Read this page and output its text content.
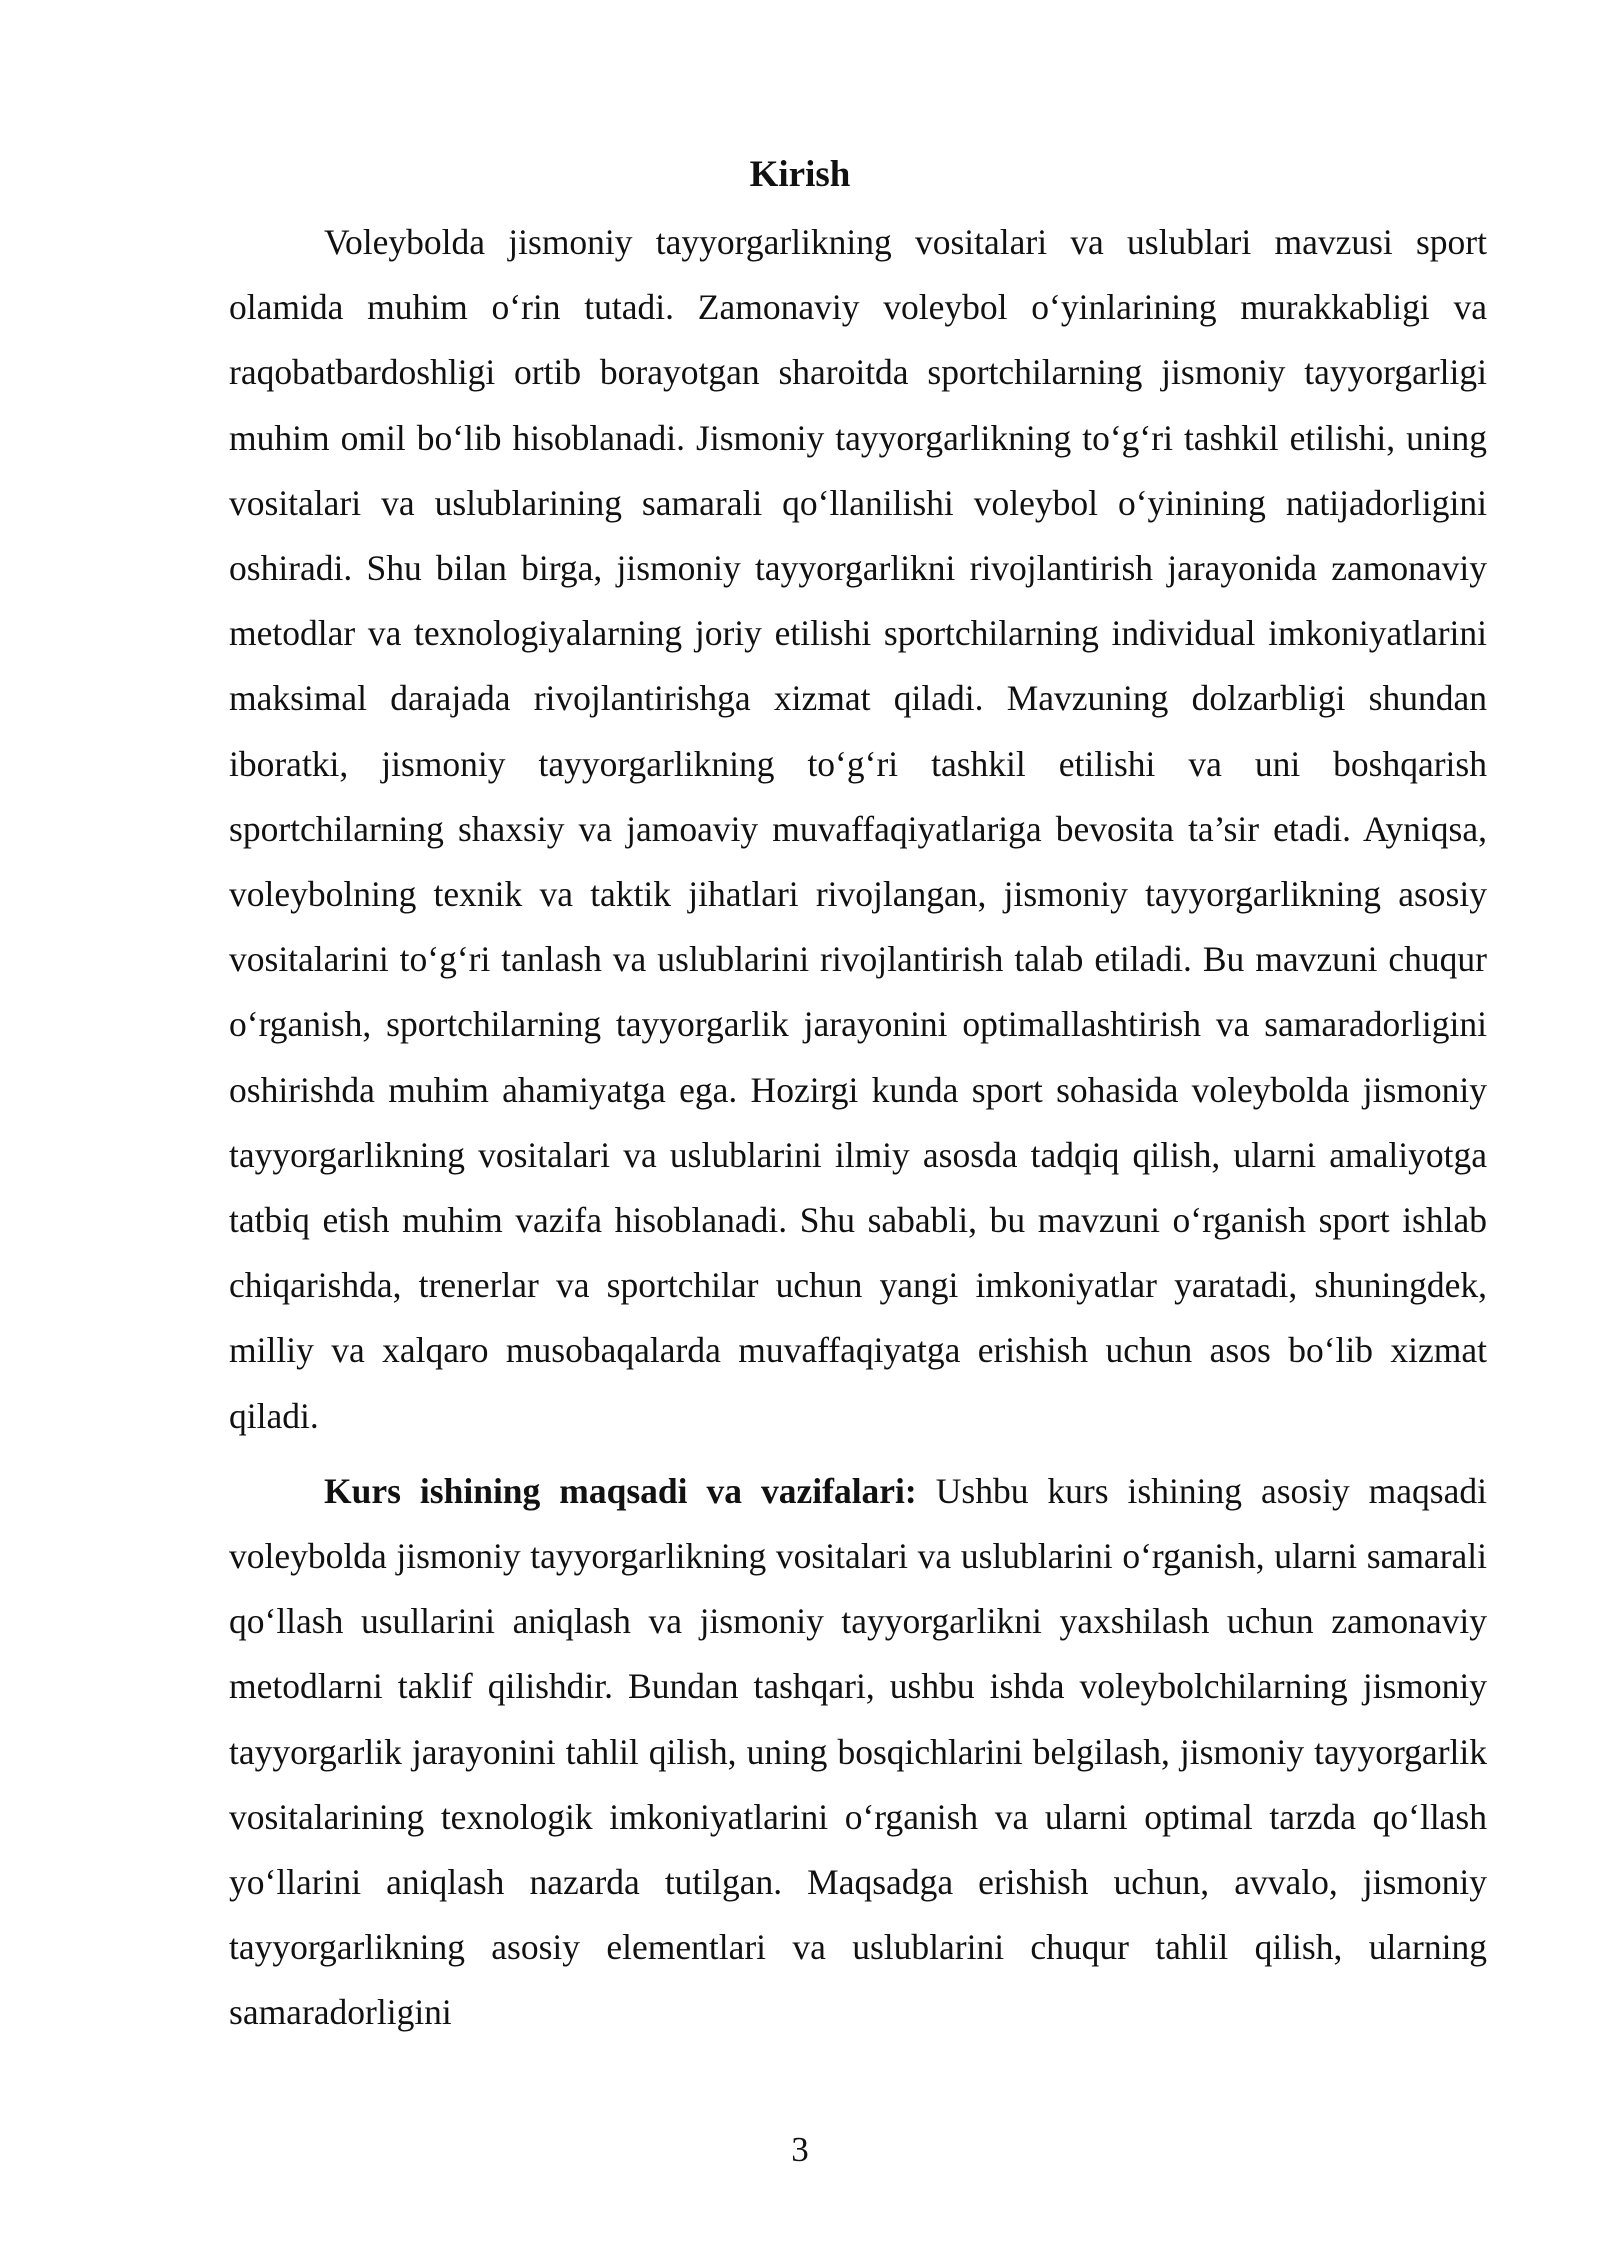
Kirish

Voleybolda jismoniy tayyorgarlikning vositalari va uslublari mavzusi sport olamida muhim o‘rin tutadi. Zamonaviy voleybol o‘yinlarining murakkabligi va raqobatbardoshligi ortib borayotgan sharoitda sportchilarning jismoniy tayyorgarligi muhim omil bo‘lib hisoblanadi. Jismoniy tayyorgarlikning to‘g‘ri tashkil etilishi, uning vositalari va uslublarining samarali qo‘llanilishi voleybol o‘yinining natijadorligini oshiradi. Shu bilan birga, jismoniy tayyorgarlikni rivojlantirish jarayonida zamonaviy metodlar va texnologiyalarning joriy etilishi sportchilarning individual imkoniyatlarini maksimal darajada rivojlantirishga xizmat qiladi. Mavzuning dolzarbligi shundan iboratki, jismoniy tayyorgarlikning to‘g‘ri tashkil etilishi va uni boshqarish sportchilarning shaxsiy va jamoaviy muvaffaqiyatlariga bevosita ta’sir etadi. Ayniqsa, voleybolning texnik va taktik jihatlari rivojlangan, jismoniy tayyorgarlikning asosiy vositalarini to‘g‘ri tanlash va uslublarini rivojlantirish talab etiladi. Bu mavzuni chuqur o‘rganish, sportchilarning tayyorgarlik jarayonini optimallashtirish va samaradorligini oshirishda muhim ahamiyatga ega. Hozirgi kunda sport sohasida voleybolda jismoniy tayyorgarlikning vositalari va uslublarini ilmiy asosda tadqiq qilish, ularni amaliyotga tatbiq etish muhim vazifa hisoblanadi. Shu sababli, bu mavzuni o‘rganish sport ishlab chiqarishda, trenerlar va sportchilar uchun yangi imkoniyatlar yaratadi, shuningdek, milliy va xalqaro musobaqalarda muvaffaqiyatga erishish uchun asos bo‘lib xizmat qiladi.

Kurs ishining maqsadi va vazifalari: Ushbu kurs ishining asosiy maqsadi voleybolda jismoniy tayyorgarlikning vositalari va uslublarini o‘rganish, ularni samarali qo‘llash usullarini aniqlash va jismoniy tayyorgarlikni yaxshilash uchun zamonaviy metodlarni taklif qilishdir. Bundan tashqari, ushbu ishda voleybolchilarning jismoniy tayyorgarlik jarayonini tahlil qilish, uning bosqichlarini belgilash, jismoniy tayyorgarlik vositalarining texnologik imkoniyatlarini o‘rganish va ularni optimal tarzda qo‘llash yo‘llarini aniqlash nazarda tutilgan. Maqsadga erishish uchun, avvalo, jismoniy tayyorgarlikning asosiy elementlari va uslublarini chuqur tahlil qilish, ularning samaradorligini

3
